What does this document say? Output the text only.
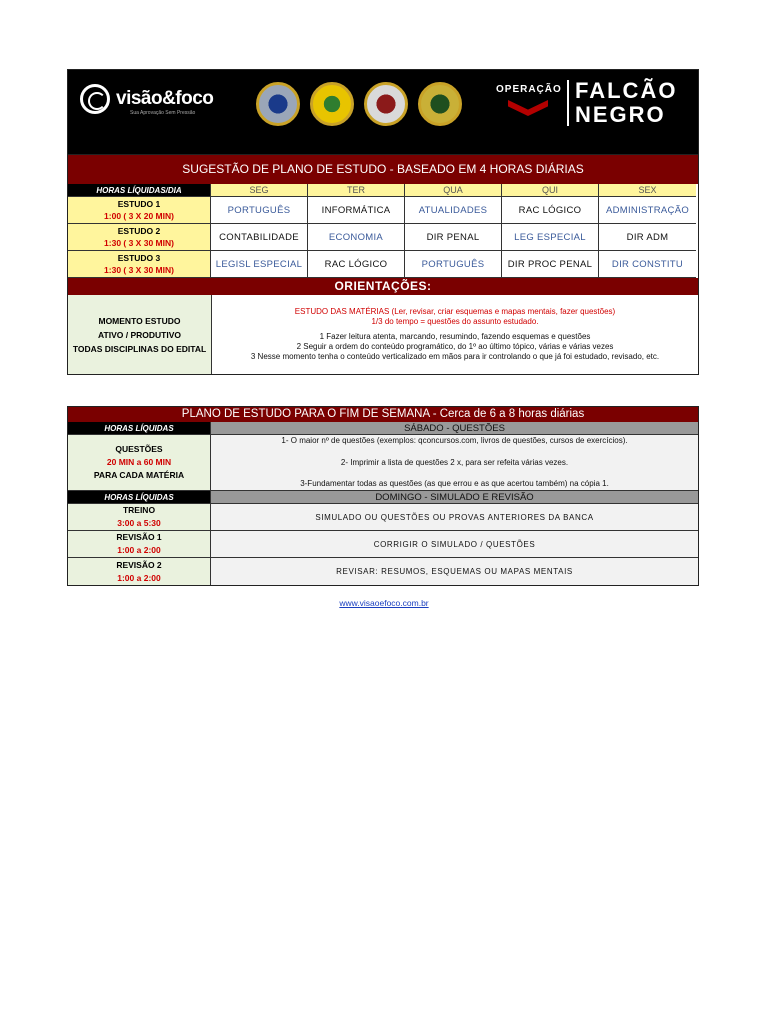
visão&foco
Sua Aprovação Sem Pressão
OPERAÇÃO FALCÃO
NEGRO
SUGESTÃO DE PLANO DE ESTUDO - BASEADO EM 4 HORAS DIÁRIAS
HORAS LÍQUIDAS/DIA	SEG	TER	QUA	QUI	SEX
ESTUDO 1
1:00 ( 3 X 20 MIN)
PORTUGUÊS	INFORMÁTICA	ATUALIDADES	RAC LÓGICO	ADMINISTRAÇÃO
ESTUDO 2
1:30 ( 3 X 30 MIN)
CONTABILIDADE	ECONOMIA	DIR PENAL	LEG ESPECIAL	DIR ADM
ESTUDO 3
1:30 ( 3 X 30 MIN)
LEGISL ESPECIAL	RAC LÓGICO	PORTUGUÊS	DIR PROC PENAL	DIR CONSTITU
ORIENTAÇÕES:
MOMENTO ESTUDO
ATIVO / PRODUTIVO
TODAS DISCIPLINAS DO EDITAL
ESTUDO DAS MATÉRIAS (Ler, revisar, criar esquemas e mapas mentais, fazer questões)
1/3 do tempo = questões do assunto estudado.
1 Fazer leitura atenta, marcando, resumindo, fazendo esquemas e questões
2 Seguir a ordem do conteúdo programático, do 1º ao último tópico, várias e várias vezes
3 Nesse momento tenha o conteúdo verticalizado em mãos para ir controlando o que já foi estudado, revisado, etc.
PLANO DE ESTUDO PARA O FIM DE SEMANA - Cerca de 6 a 8 horas diárias
HORAS LÍQUIDAS	SÁBADO - QUESTÕES
QUESTÕES
20 MIN a 60 MIN
PARA CADA MATÉRIA
1- O maior nº de questões (exemplos: qconcursos.com, livros de questões, cursos de exercícios).
2- Imprimir a lista de questões 2 x, para ser refeita várias vezes.
3-Fundamentar todas as questões (as que errou e as que acertou também) na cópia 1.
HORAS LÍQUIDAS	DOMINGO - SIMULADO E REVISÃO
TREINO
3:00 a 5:30
SIMULADO OU QUESTÕES OU PROVAS ANTERIORES DA BANCA
REVISÃO 1
1:00 a 2:00
CORRIGIR O SIMULADO / QUESTÕES
REVISÃO 2
1:00 a 2:00
REVISAR: RESUMOS, ESQUEMAS OU MAPAS MENTAIS
www.visaoefoco.com.br
